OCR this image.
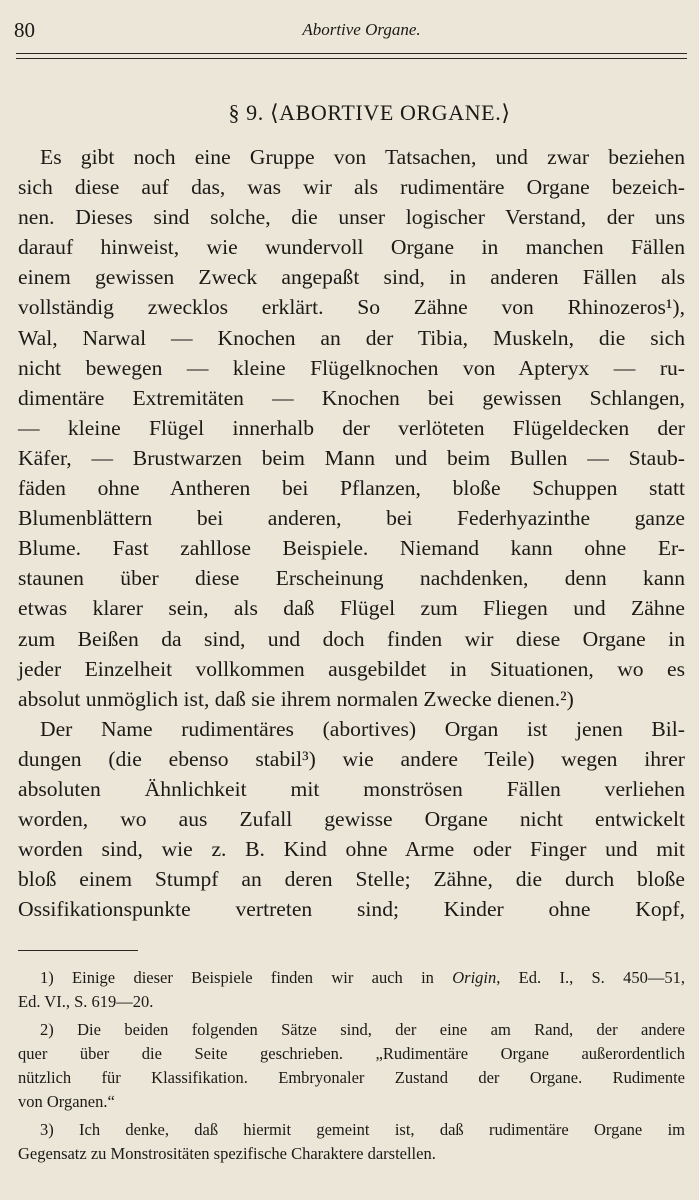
80	Abortive Organe.
§ 9. ⟨ABORTIVE ORGANE.⟩

Es gibt noch eine Gruppe von Tatsachen, und zwar beziehen
sich diese auf das, was wir als rudimentäre Organe bezeich-
nen. Dieses sind solche, die unser logischer Verstand, der uns
darauf hinweist, wie wundervoll Organe in manchen Fällen
einem gewissen Zweck angepaßt sind, in anderen Fällen als
vollständig zwecklos erklärt. So Zähne von Rhinozeros¹),
Wal, Narwal — Knochen an der Tibia, Muskeln, die sich
nicht bewegen — kleine Flügelknochen von Apteryx — ru-
dimentäre Extremitäten — Knochen bei gewissen Schlangen,
— kleine Flügel innerhalb der verlöteten Flügeldecken der
Käfer, — Brustwarzen beim Mann und beim Bullen — Staub-
fäden ohne Antheren bei Pflanzen, bloße Schuppen statt
Blumenblättern bei anderen, bei Federhyazinthe ganze
Blume. Fast zahllose Beispiele. Niemand kann ohne Er-
staunen über diese Erscheinung nachdenken, denn kann
etwas klarer sein, als daß Flügel zum Fliegen und Zähne
zum Beißen da sind, und doch finden wir diese Organe in
jeder Einzelheit vollkommen ausgebildet in Situationen, wo es
absolut unmöglich ist, daß sie ihrem normalen Zwecke dienen.²)

Der Name rudimentäres (abortives) Organ ist jenen Bil-
dungen (die ebenso stabil³) wie andere Teile) wegen ihrer
absoluten Ähnlichkeit mit monströsen Fällen verliehen
worden, wo aus Zufall gewisse Organe nicht entwickelt
worden sind, wie z. B. Kind ohne Arme oder Finger und mit
bloß einem Stumpf an deren Stelle; Zähne, die durch bloße
Ossifikationspunkte vertreten sind; Kinder ohne Kopf,

1) Einige dieser Beispiele finden wir auch in Origin, Ed. I., S. 450—51,
Ed. VI., S. 619—20.
2) Die beiden folgenden Sätze sind, der eine am Rand, der andere
quer über die Seite geschrieben. „Rudimentäre Organe außerordentlich
nützlich für Klassifikation. Embryonaler Zustand der Organe. Rudimente
von Organen.“
3) Ich denke, daß hiermit gemeint ist, daß rudimentäre Organe im
Gegensatz zu Monstrositäten spezifische Charaktere darstellen.
